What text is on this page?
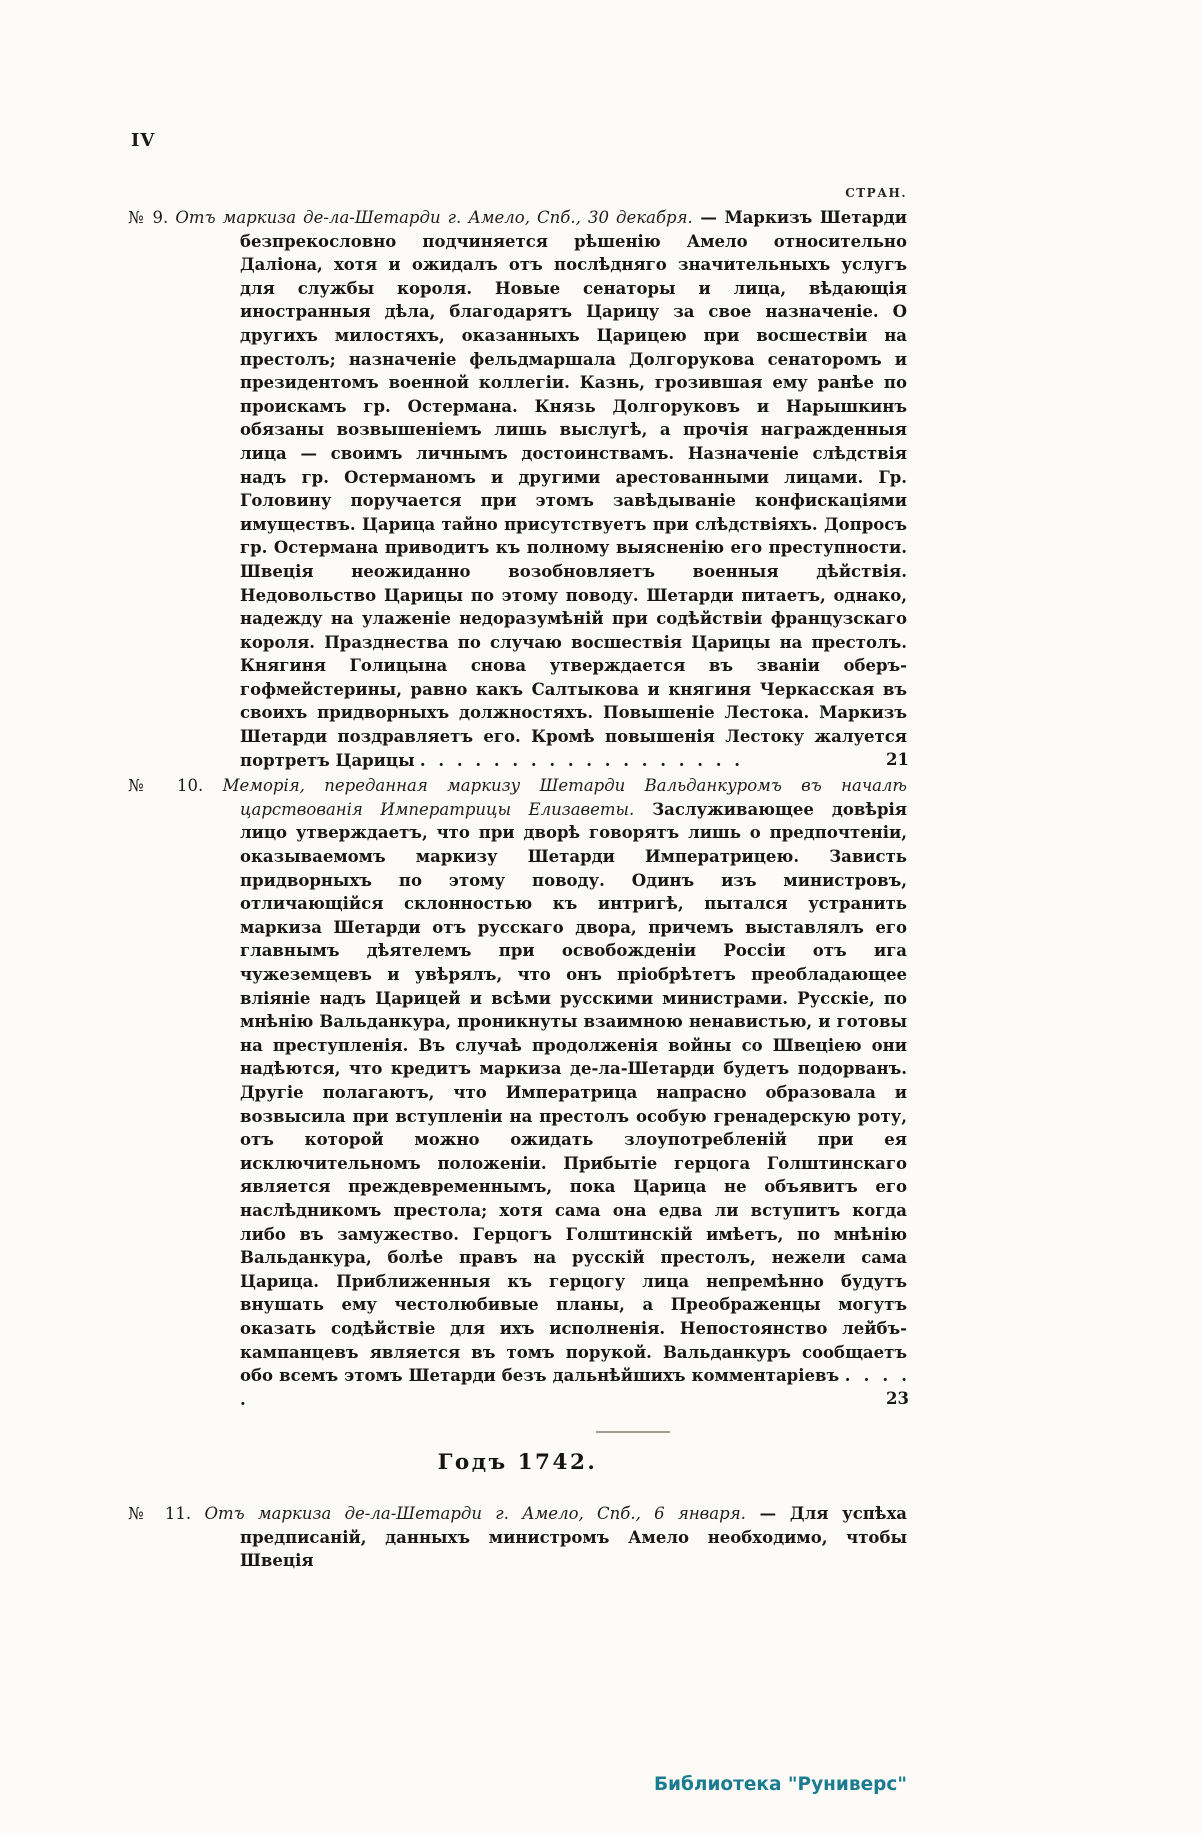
IV
СТРАН.
№ 9. Отъ маркиза де-ла-Шетарди г. Амело, Спб., 30 декабря. — Маркизъ Шетарди безпрекословно подчиняется рѣшенію Амело относительно Даліона, хотя и ожидалъ отъ послѣдняго значительныхъ услугъ для службы короля. Новые сенаторы и лица, вѣдающія иностранныя дѣла, благодарятъ Царицу за свое назначеніе. О другихъ милостяхъ, оказанныхъ Царицею при восшествіи на престолъ; назначеніе фельдмаршала Долгорукова сенаторомъ и президентомъ военной коллегіи. Казнь, грозившая ему ранѣе по проискамъ гр. Остермана. Князь Долгоруковъ и Нарышкинъ обязаны возвышеніемъ лишь выслугѣ, а прочія награжденныя лица — своимъ личнымъ достоинствамъ. Назначеніе слѣдствія надъ гр. Остерманомъ и другими арестованными лицами. Гр. Головину поручается при этомъ завѣдываніе конфискаціями имуществъ. Царица тайно присутствуетъ при слѣдствіяхъ. Допросъ гр. Остермана приводитъ къ полному выясненію его преступности. Швеція неожиданно возобновляетъ военныя дѣйствія. Недовольство Царицы по этому поводу. Шетарди питаетъ, однако, надежду на улаженіе недоразумѣній при содѣйствіи французскаго короля. Празднества по случаю восшествія Царицы на престолъ. Княгиня Голицына снова утверждается въ званіи оберъ-гофмейстерины, равно какъ Салтыкова и княгиня Черкасская въ своихъ придворныхъ должностяхъ. Повышеніе Лестока. Маркизъ Шетарди поздравляетъ его. Кромѣ повышенія Лестоку жалуется портретъ Царицы . . . . . . . . . . . . . . . . . .	21
№ 10. Меморія, переданная маркизу Шетарди Вальданкуромъ въ началѣ царствованія Императрицы Елизаветы. Заслуживающее довѣрія лицо утверждаетъ, что при дворѣ говорятъ лишь о предпочтеніи, оказываемомъ маркизу Шетарди Императрицею. Зависть придворныхъ по этому поводу. Одинъ изъ министровъ, отличающійся склонностью къ интригѣ, пытался устранить маркиза Шетарди отъ русскаго двора, причемъ выставлялъ его главнымъ дѣятелемъ при освобожденіи Россіи отъ ига чужеземцевъ и увѣрялъ, что онъ пріобрѣтетъ преобладающее вліяніе надъ Царицей и всѣми русскими министрами. Русскіе, по мнѣнію Вальданкура, проникнуты взаимною ненавистью, и готовы на преступленія. Въ случаѣ продолженія войны со Швеціею они надѣются, что кредитъ маркиза де-ла-Шетарди будетъ подорванъ. Другіе полагаютъ, что Императрица напрасно образовала и возвысила при вступленіи на престолъ особую гренадерскую роту, отъ которой можно ожидать злоупотребленій при ея исключительномъ положеніи. Прибытіе герцога Голштинскаго является преждевременнымъ, пока Царица не объявитъ его наслѣдникомъ престола; хотя сама она едва ли вступитъ когда либо въ замужество. Герцогъ Голштинскій имѣетъ, по мнѣнію Вальданкура, болѣе правъ на русскій престолъ, нежели сама Царица. Приближенныя къ герцогу лица непремѣнно будутъ внушать ему честолюбивые планы, а Преображенцы могутъ оказать содѣйствіе для ихъ исполненія. Непостоянство лейбъ-кампанцевъ является въ томъ порукой. Вальданкуръ сообщаетъ обо всемъ этомъ Шетарди безъ дальнѣйшихъ комментаріевъ . . . . .	23
Годъ 1742.
№ 11. Отъ маркиза де-ла-Шетарди г. Амело, Спб., 6 января. — Для успѣха предписаній, данныхъ министромъ Амело необходимо, чтобы Швеція
Библиотека "Руниверс"
